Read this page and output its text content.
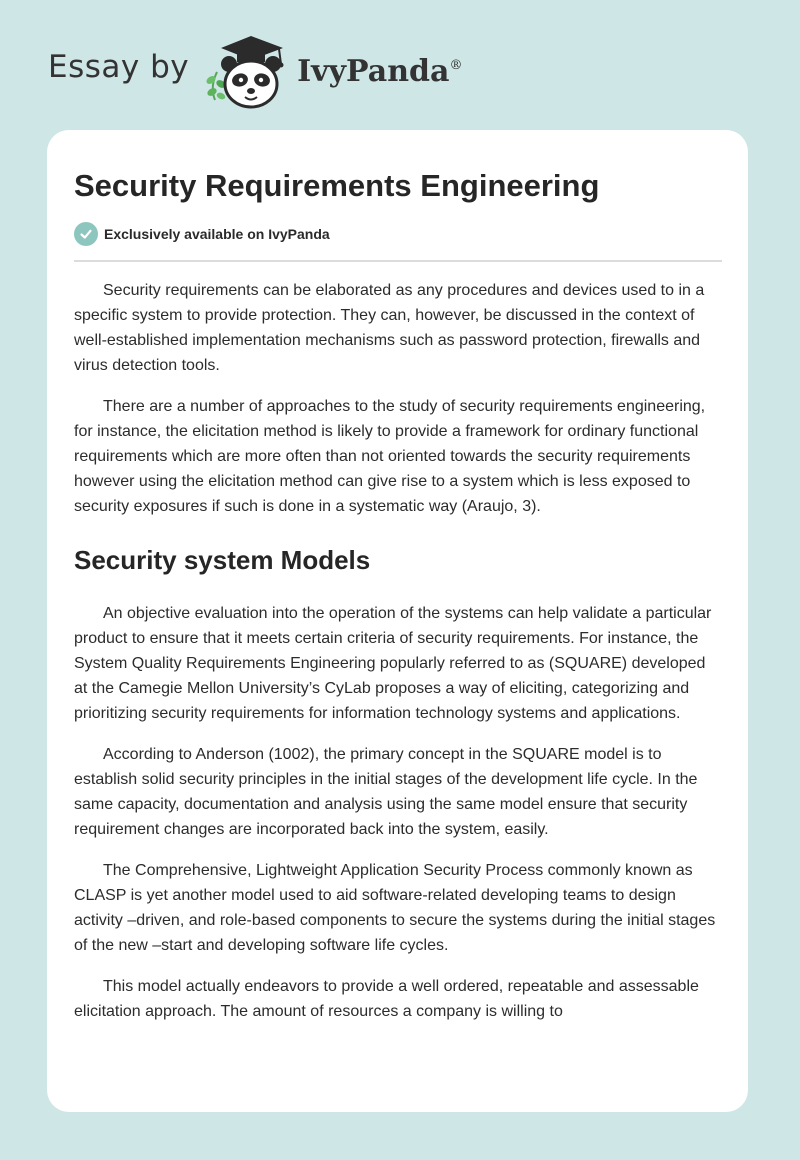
Essay by	IvyPanda®
Security Requirements Engineering
Exclusively available on IvyPanda

Security requirements can be elaborated as any procedures and devices used to in a specific system to provide protection. They can, however, be discussed in the context of well-established implementation mechanisms such as password protection, firewalls and virus detection tools.

There are a number of approaches to the study of security requirements engineering, for instance, the elicitation method is likely to provide a framework for ordinary functional requirements which are more often than not oriented towards the security requirements however using the elicitation method can give rise to a system which is less exposed to security exposures if such is done in a systematic way (Araujo, 3).

Security system Models

An objective evaluation into the operation of the systems can help validate a particular product to ensure that it meets certain criteria of security requirements. For instance, the System Quality Requirements Engineering popularly referred to as (SQUARE) developed at the Camegie Mellon University’s CyLab proposes a way of eliciting, categorizing and prioritizing security requirements for information technology systems and applications.

According to Anderson (1002), the primary concept in the SQUARE model is to establish solid security principles in the initial stages of the development life cycle. In the same capacity, documentation and analysis using the same model ensure that security requirement changes are incorporated back into the system, easily.

The Comprehensive, Lightweight Application Security Process commonly known as CLASP is yet another model used to aid software-related developing teams to design activity –driven, and role-based components to secure the systems during the initial stages of the new –start and developing software life cycles.

This model actually endeavors to provide a well ordered, repeatable and assessable elicitation approach. The amount of resources a company is willing to
